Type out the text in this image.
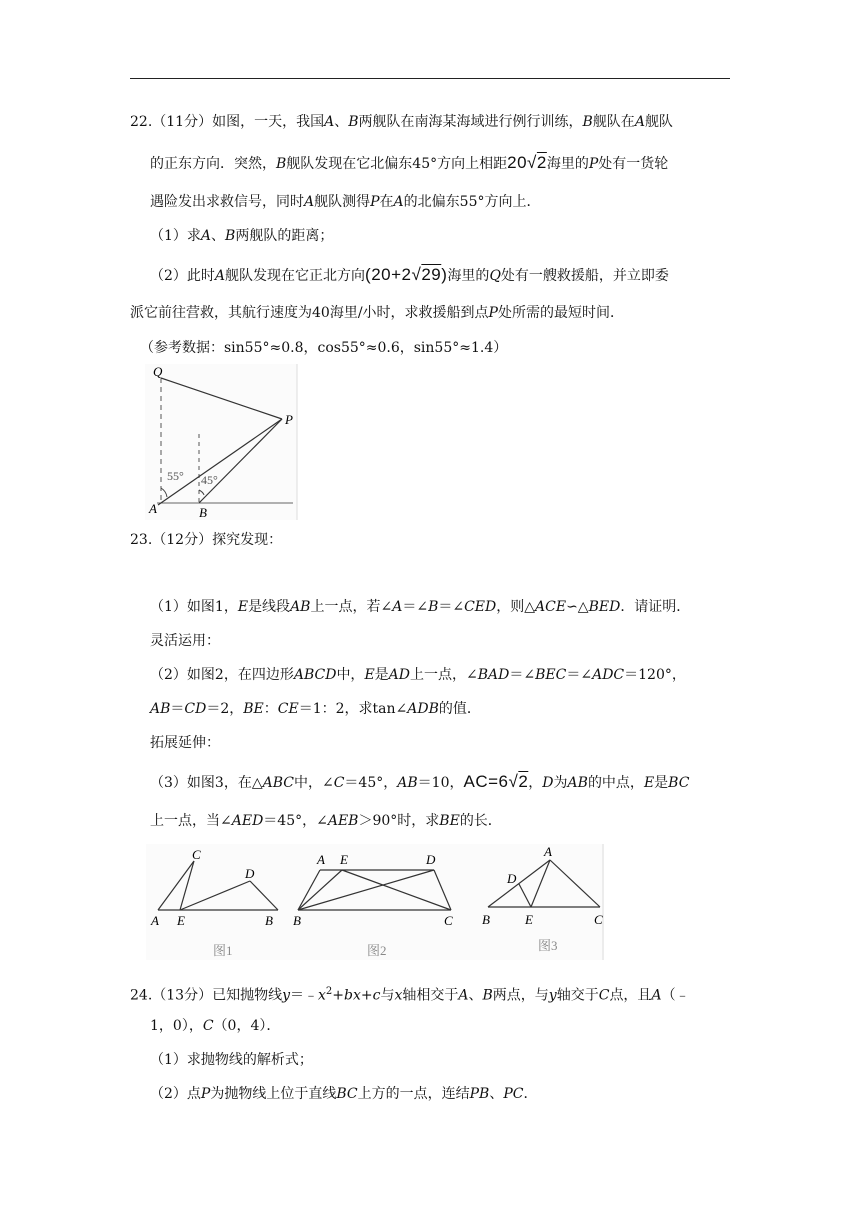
22.（11分）如图，一天，我国A、B两舰队在南海某海域进行例行训练，B舰队在A舰队
的正东方向．突然，B舰队发现在它北偏东45°方向上相距20√2海里的P处有一货轮
遇险发出求救信号，同时A舰队测得P在A的北偏东55°方向上．
（1）求A、B两舰队的距离；
（2）此时A舰队发现在它正北方向(20+2√29)海里的Q处有一艘救援船，并立即委
派它前往营救，其航行速度为40海里/小时，求救援船到点P处所需的最短时间．
（参考数据：sin55°≈0.8，cos55°≈0.6，sin55°≈1.4）
Q
P
A	B
55° 45°
23.（12分）探究发现：
（1）如图1，E是线段AB上一点，若∠A＝∠B＝∠CED，则△ACE∽△BED．请证明．
灵活运用：
（2）如图2，在四边形ABCD中，E是AD上一点，∠BAD＝∠BEC＝∠ADC＝120°，
AB＝CD＝2，BE：CE＝1：2，求tan∠ADB的值．
拓展延伸：
（3）如图3，在△ABC中，∠C＝45°，AB＝10，AC=6√2，D为AB的中点，E是BC
上一点，当∠AED＝45°，∠AEB＞90°时，求BE的长．
C
D
A E	B
图1
A E	D
B	C
图2
A
D
B	E	C
图3
24.（13分）已知抛物线$y=﹣x^2+bx+c$与x轴相交于A、B两点，与y轴交于C点，且A（﹣
1，0），C（0，4）．
（1）求抛物线的解析式；
（2）点P为抛物线上位于直线BC上方的一点，连结PB、PC．
